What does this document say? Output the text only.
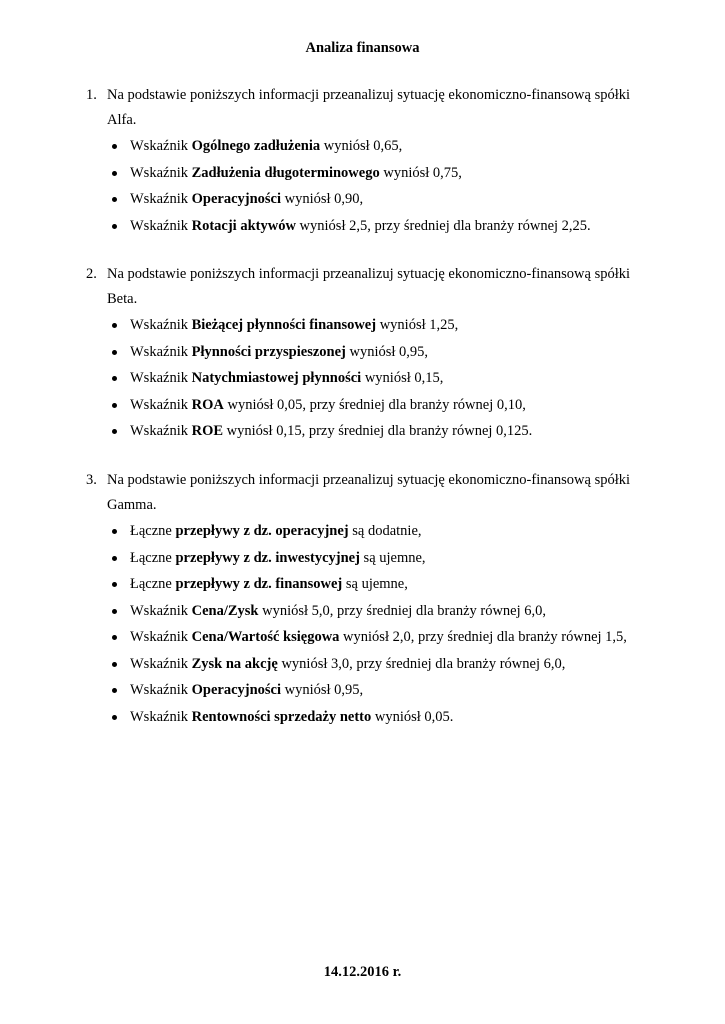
Analiza finansowa
1. Na podstawie poniższych informacji przeanalizuj sytuację ekonomiczno-finansową spółki Alfa.
Wskaźnik Ogólnego zadłużenia wyniósł 0,65,
Wskaźnik Zadłużenia długoterminowego wyniósł 0,75,
Wskaźnik Operacyjności wyniósł 0,90,
Wskaźnik Rotacji aktywów wyniósł 2,5, przy średniej dla branży równej 2,25.
2. Na podstawie poniższych informacji przeanalizuj sytuację ekonomiczno-finansową spółki Beta.
Wskaźnik Bieżącej płynności finansowej wyniósł 1,25,
Wskaźnik Płynności przyspieszonej wyniósł 0,95,
Wskaźnik Natychmiastowej płynności wyniósł 0,15,
Wskaźnik ROA wyniósł 0,05, przy średniej dla branży równej 0,10,
Wskaźnik ROE wyniósł 0,15, przy średniej dla branży równej 0,125.
3. Na podstawie poniższych informacji przeanalizuj sytuację ekonomiczno-finansową spółki Gamma.
Łączne przepływy z dz. operacyjnej są dodatnie,
Łączne przepływy z dz. inwestycyjnej są ujemne,
Łączne przepływy z dz. finansowej są ujemne,
Wskaźnik Cena/Zysk wyniósł 5,0, przy średniej dla branży równej 6,0,
Wskaźnik Cena/Wartość księgowa wyniósł 2,0, przy średniej dla branży równej 1,5,
Wskaźnik Zysk na akcję wyniósł 3,0, przy średniej dla branży równej 6,0,
Wskaźnik Operacyjności wyniósł 0,95,
Wskaźnik Rentowności sprzedaży netto wyniósł 0,05.
14.12.2016 r.
